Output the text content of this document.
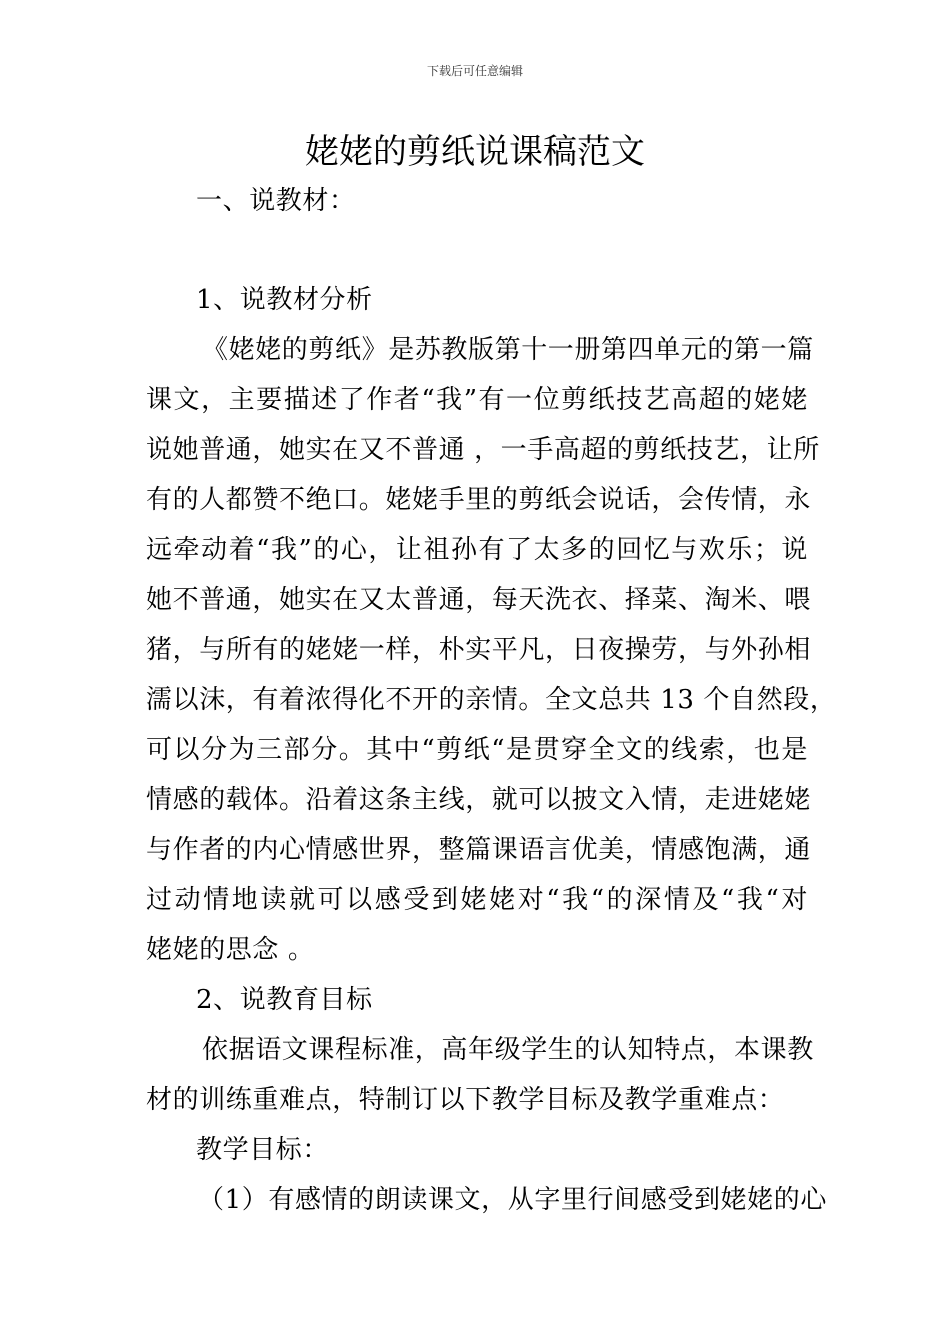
下载后可任意编辑
姥姥的剪纸说课稿范文
一、说教材：
1、说教材分析
《姥姥的剪纸》是苏教版第十一册第四单元的第一篇
课文，主要描述了作者“我”有一位剪纸技艺高超的姥姥
说她普通，她实在又不普通 ，一手高超的剪纸技艺，让所
有的人都赞不绝口。姥姥手里的剪纸会说话，会传情，永
远牵动着“我”的心，让祖孙有了太多的回忆与欢乐；说
她不普通，她实在又太普通，每天洗衣、择菜、淘米、喂
猪，与所有的姥姥一样，朴实平凡，日夜操劳，与外孙相
濡以沫，有着浓得化不开的亲情。全文总共 13 个自然段，
可以分为三部分。其中“剪纸“是贯穿全文的线索，也是
情感的载体。沿着这条主线，就可以披文入情，走进姥姥
与作者的内心情感世界，整篇课语言优美，情感饱满，通
过动情地读就可以感受到姥姥对“我“的深情及“我“对
姥姥的思念 。
2、说教育目标
依据语文课程标准，高年级学生的认知特点，本课教
材的训练重难点，特制订以下教学目标及教学重难点：
教学目标：
（1）有感情的朗读课文，从字里行间感受到姥姥的心
